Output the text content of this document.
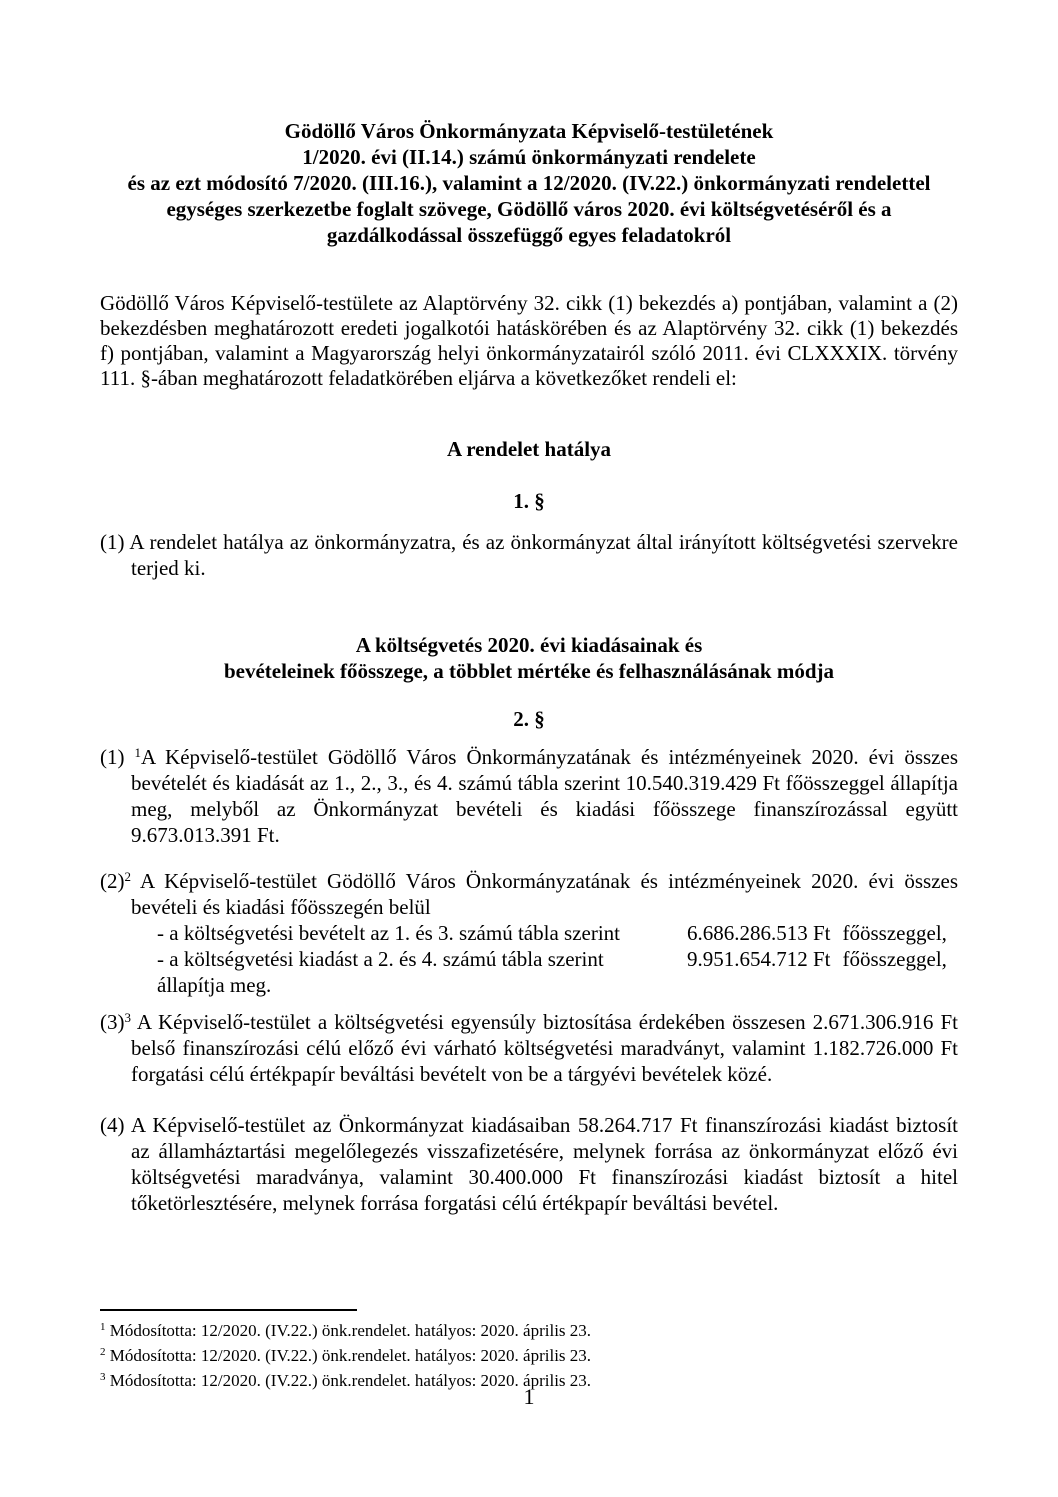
Gödöllő Város Önkormányzata Képviselő-testületének
1/2020. évi (II.14.) számú önkormányzati rendelete
és az ezt módosító 7/2020. (III.16.), valamint a 12/2020. (IV.22.) önkormányzati rendelettel
egységes szerkezetbe foglalt szövege, Gödöllő város 2020. évi költségvetéséről és a
gazdálkodással összefüggő egyes feladatokról
Gödöllő Város Képviselő-testülete az Alaptörvény 32. cikk (1) bekezdés a) pontjában, valamint a (2) bekezdésben meghatározott eredeti jogalkotói hatáskörében és az Alaptörvény 32. cikk (1) bekezdés f) pontjában, valamint a Magyarország helyi önkormányzatairól szóló 2011. évi CLXXXIX. törvény 111. §-ában meghatározott feladatkörében eljárva a következőket rendeli el:
A rendelet hatálya
1. §
(1) A rendelet hatálya az önkormányzatra, és az önkormányzat által irányított költségvetési szervekre terjed ki.
A költségvetés 2020. évi kiadásainak és
bevételeinek főösszege, a többlet mértéke és felhasználásának módja
2. §
(1) $^1$A Képviselő-testület Gödöllő Város Önkormányzatának és intézményeinek 2020. évi összes bevételét és kiadását az 1., 2., 3., és 4. számú tábla szerint 10.540.319.429 Ft főösszeggel állapítja meg, melyből az Önkormányzat bevételi és kiadási főösszege finanszírozással együtt 9.673.013.391 Ft.
$(2)^2$ A Képviselő-testület Gödöllő Város Önkormányzatának és intézményeinek 2020. évi összes bevételi és kiadási főösszegén belül
- a költségvetési bevételt az 1. és 3. számú tábla szerint	6.686.286.513 Ft főösszeggel,
- a költségvetési kiadást a 2. és 4. számú tábla szerint	9.951.654.712 Ft főösszeggel,
állapítja meg.
$(3)^3$ A Képviselő-testület a költségvetési egyensúly biztosítása érdekében összesen 2.671.306.916 Ft belső finanszírozási célú előző évi várható költségvetési maradványt, valamint 1.182.726.000 Ft forgatási célú értékpapír beváltási bevételt von be a tárgyévi bevételek közé.
(4) A Képviselő-testület az Önkormányzat kiadásaiban 58.264.717 Ft finanszírozási kiadást biztosít az államháztartási megelőlegezés visszafizetésére, melynek forrása az önkormányzat előző évi költségvetési maradványa, valamint 30.400.000 Ft finanszírozási kiadást biztosít a hitel tőketörlesztésére, melynek forrása forgatási célú értékpapír beváltási bevétel.
$^1$ Módosította: 12/2020. (IV.22.) önk.rendelet. hatályos: 2020. április 23.
$^2$ Módosította: 12/2020. (IV.22.) önk.rendelet. hatályos: 2020. április 23.
$^3$ Módosította: 12/2020. (IV.22.) önk.rendelet. hatályos: 2020. április 23.
1
